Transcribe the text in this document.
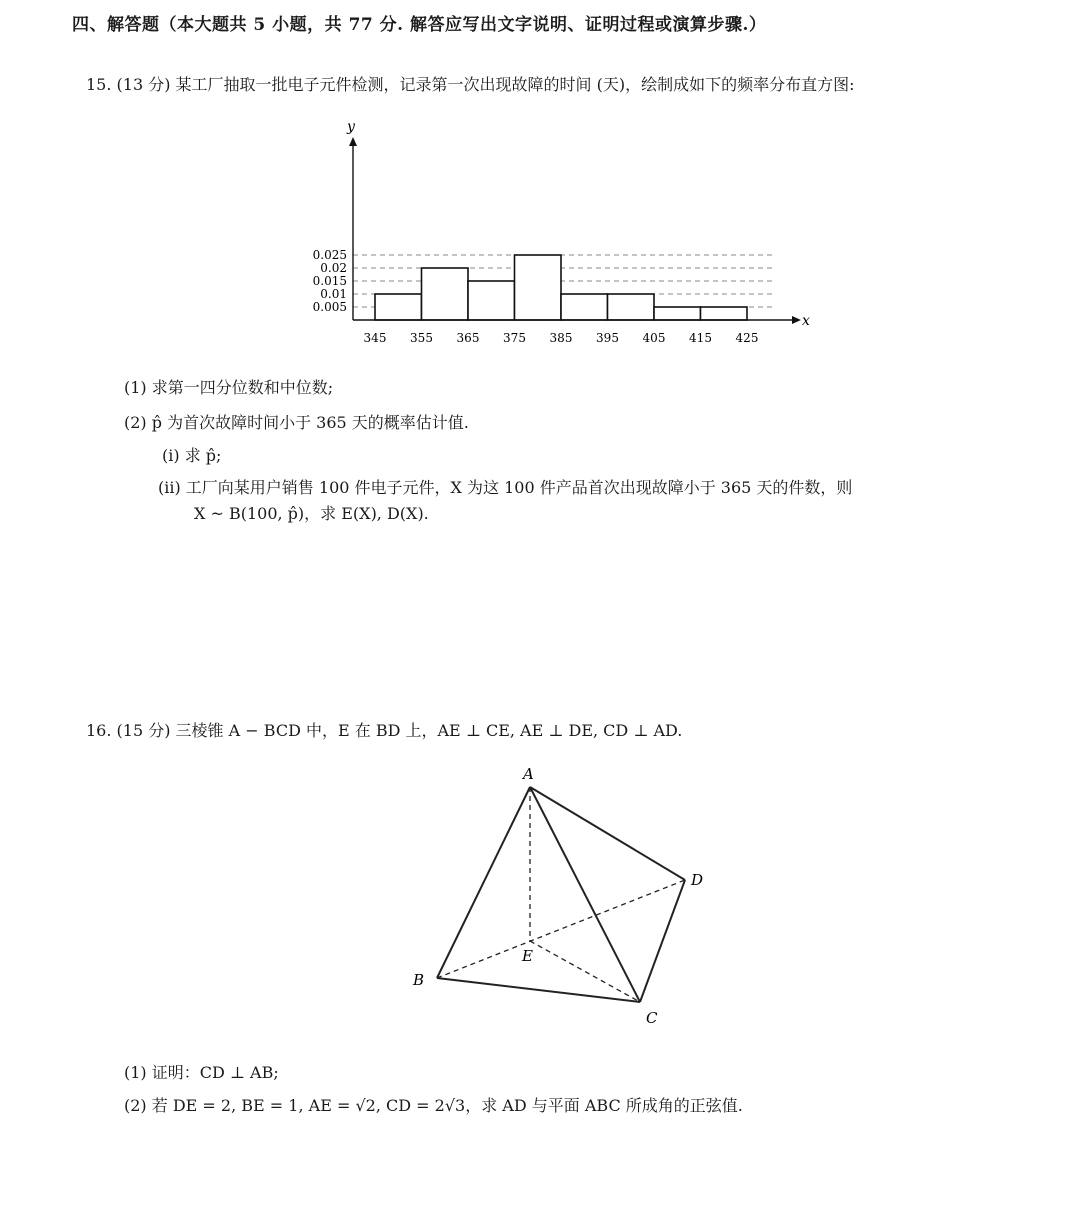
四、解答题（本大题共 5 小题，共 77 分. 解答应写出文字说明、证明过程或演算步骤.）
15. (13 分) 某工厂抽取一批电子元件检测，记录第一次出现故障的时间 (天)，绘制成如下的频率分布直方图:
0.005
0.01
0.015
0.02
0.025
345 355 365 375 385 395 405 415 425
x
y
(1) 求第一四分位数和中位数;
(2) p̂ 为首次故障时间小于 365 天的概率估计值.
(i) 求 p̂;
(ii) 工厂向某用户销售 100 件电子元件，X 为这 100 件产品首次出现故障小于 365 天的件数，则
X ~ B(100, p̂)，求 E(X), D(X).
16. (15 分) 三棱锥 A − BCD 中，E 在 BD 上，AE ⊥ CE, AE ⊥ DE, CD ⊥ AD.
A
B
C
D
E
(1) 证明：CD ⊥ AB;
(2) 若 DE = 2, BE = 1, AE = √2, CD = 2√3，求 AD 与平面 ABC 所成角的正弦值.
